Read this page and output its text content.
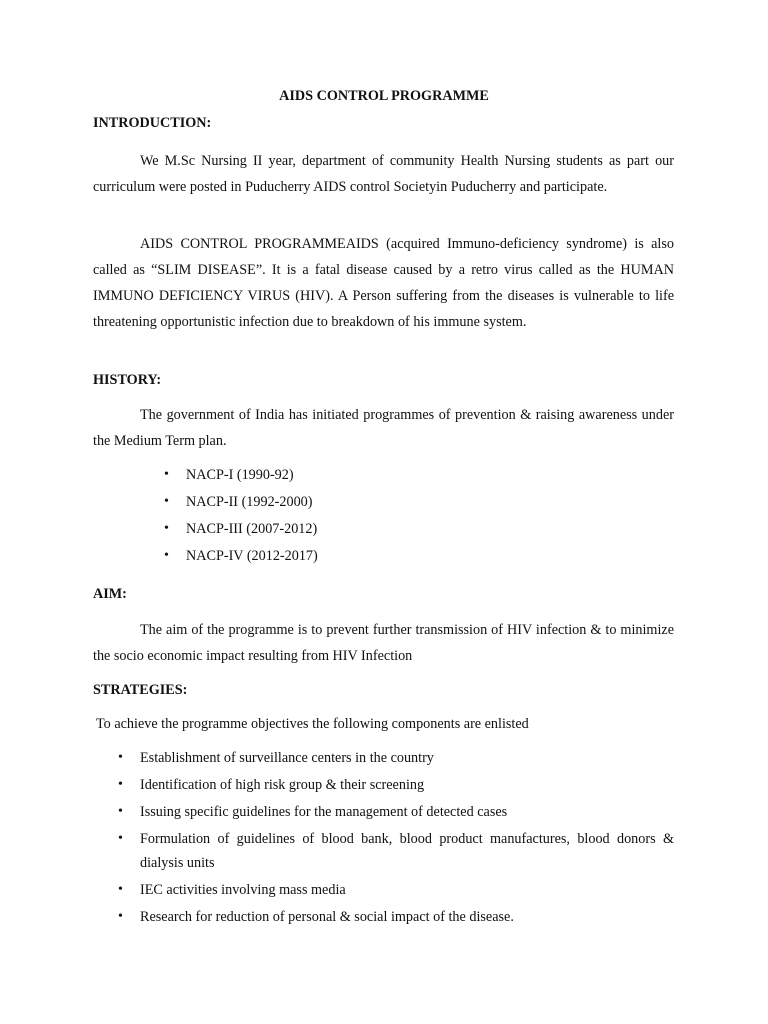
AIDS CONTROL PROGRAMME
INTRODUCTION:

We M.Sc Nursing II year, department of community Health Nursing students as part our curriculum were posted in Puducherry AIDS control Societyin Puducherry and participate.

AIDS CONTROL PROGRAMMEAIDS (acquired Immuno-deficiency syndrome) is also called as “SLIM DISEASE”. It is a fatal disease caused by a retro virus called as the HUMAN IMMUNO DEFICIENCY VIRUS (HIV). A Person suffering from the diseases is vulnerable to life threatening opportunistic infection due to breakdown of his immune system.

HISTORY:

The government of India has initiated programmes of prevention & raising awareness under the Medium Term plan.

• NACP-I (1990-92)
• NACP-II (1992-2000)
• NACP-III (2007-2012)
• NACP-IV (2012-2017)
AIM:

The aim of the programme is to prevent further transmission of HIV infection & to minimize the socio economic impact resulting from HIV Infection

STRATEGIES:

To achieve the programme objectives the following components are enlisted

• Establishment of surveillance centers in the country
• Identification of high risk group & their screening
• Issuing specific guidelines for the management of detected cases
• Formulation of guidelines of blood bank, blood product manufactures, blood donors & dialysis units
• IEC activities involving mass media
• Research for reduction of personal & social impact of the disease.
